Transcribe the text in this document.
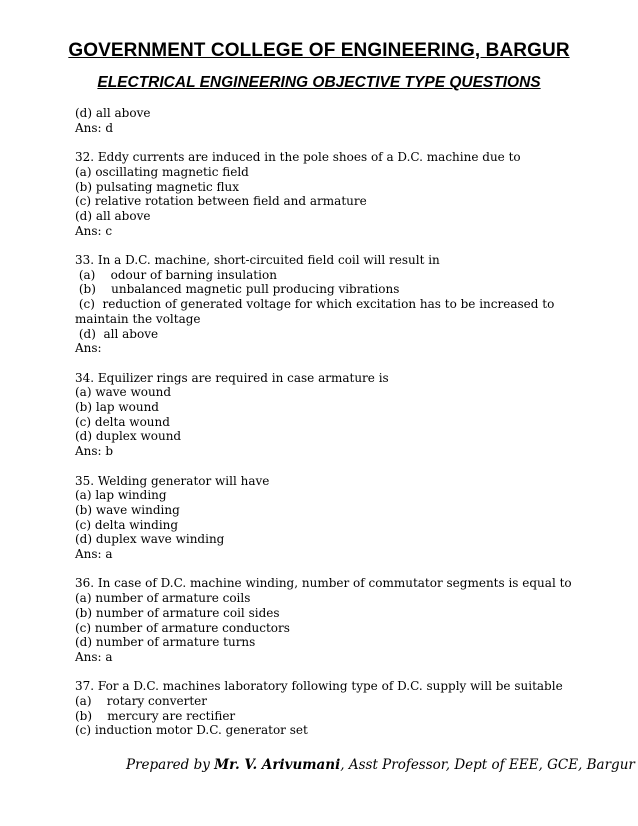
GOVERNMENT COLLEGE OF ENGINEERING, BARGUR
ELECTRICAL ENGINEERING OBJECTIVE TYPE QUESTIONS
(d) all above
Ans: d
32. Eddy currents are induced in the pole shoes of a D.C. machine due to
(a) oscillating magnetic field
(b) pulsating magnetic flux
(c) relative rotation between field and armature
(d) all above
Ans: c
33. In a D.C. machine, short-circuited field coil will result in
(a)    odour of barning insulation
(b)    unbalanced magnetic pull producing vibrations
(c)  reduction of generated voltage for which excitation has to be increased to maintain the voltage
(d)  all above
Ans:
34. Equilizer rings are required in case armature is
(a) wave wound
(b) lap wound
(c) delta wound
(d) duplex wound
Ans: b
35. Welding generator will have
(a) lap winding
(b) wave winding
(c) delta winding
(d) duplex wave winding
Ans: a
36. In case of D.C. machine winding, number of commutator segments is equal to
(a) number of armature coils
(b) number of armature coil sides
(c) number of armature conductors
(d) number of armature turns
Ans: a
37. For a D.C. machines laboratory following type of D.C. supply will be suitable
(a)    rotary converter
(b)    mercury are rectifier
(c) induction motor D.C. generator set
Prepared by Mr. V. Arivumani, Asst Professor, Dept of EEE, GCE, Bargur
